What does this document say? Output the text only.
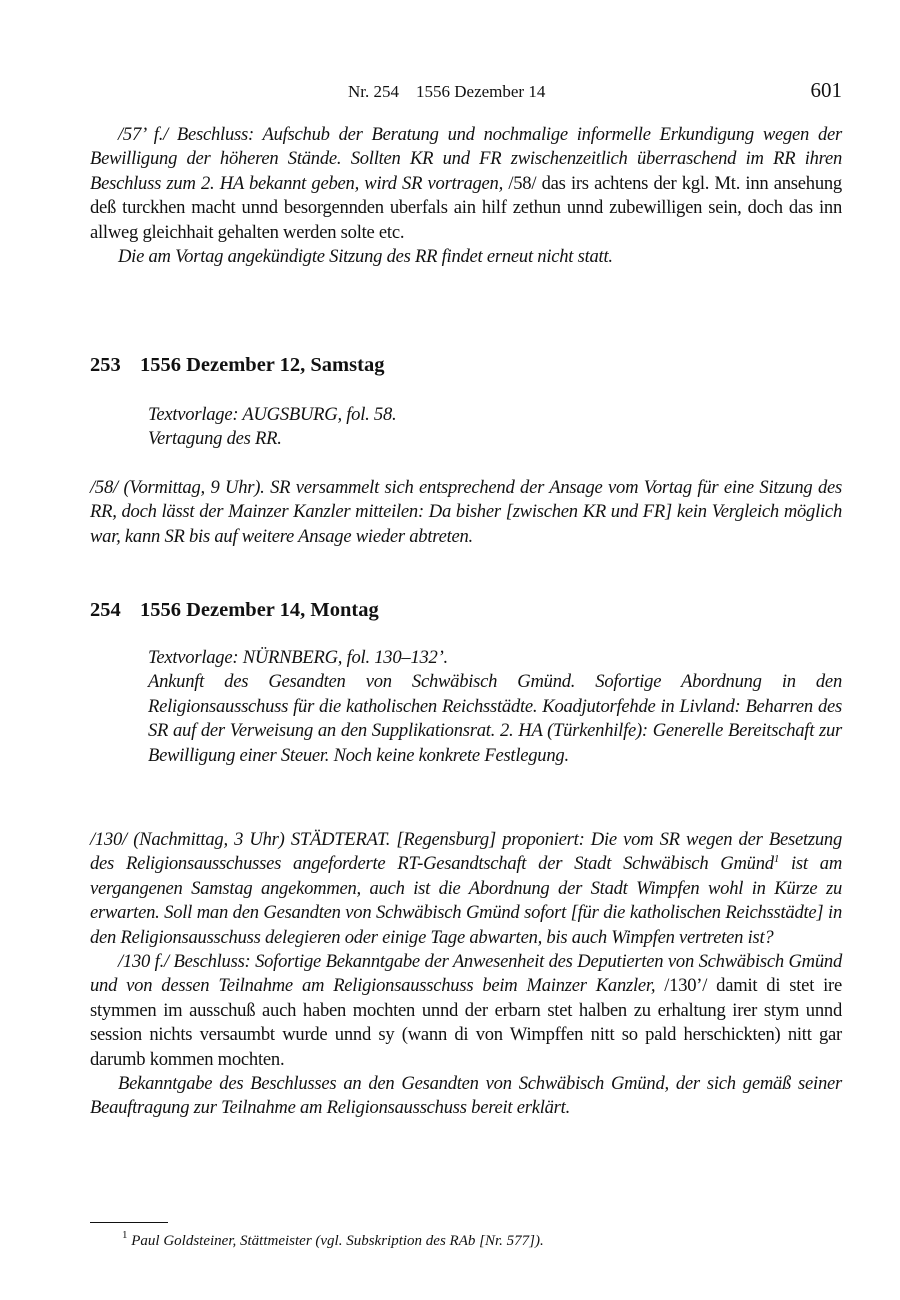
Nr. 254    1556 Dezember 14	601

/57’ f./ Beschluss: Aufschub der Beratung und nochmalige informelle Erkundigung wegen der Bewilligung der höheren Stände. Sollten KR und FR zwischenzeitlich überraschend im RR ihren Beschluss zum 2. HA bekannt geben, wird SR vortragen, /58/ das irs achtens der kgl. Mt. inn ansehung deß turckhen macht unnd besorgennden uberfals ain hilf zethun unnd zubewilligen sein, doch das inn allweg gleichhait gehalten werden solte etc.

Die am Vortag angekündigte Sitzung des RR findet erneut nicht statt.

253 1556 Dezember 12, Samstag

Textvorlage: AUGSBURG, fol. 58.

Vertagung des RR.

/58/ (Vormittag, 9 Uhr). SR versammelt sich entsprechend der Ansage vom Vortag für eine Sitzung des RR, doch lässt der Mainzer Kanzler mitteilen: Da bisher [zwischen KR und FR] kein Vergleich möglich war, kann SR bis auf weitere Ansage wieder abtreten.

254 1556 Dezember 14, Montag

Textvorlage: NÜRNBERG, fol. 130–132’.

Ankunft des Gesandten von Schwäbisch Gmünd. Sofortige Abordnung in den Religionsausschuss für die katholischen Reichsstädte. Koadjutorfehde in Livland: Beharren des SR auf der Verweisung an den Supplikationsrat. 2. HA (Türkenhilfe): Generelle Bereitschaft zur Bewilligung einer Steuer. Noch keine konkrete Festlegung.

/130/ (Nachmittag, 3 Uhr) STÄDTERAT. [Regensburg] proponiert: Die vom SR wegen der Besetzung des Religionsausschusses angeforderte RT-Gesandtschaft der Stadt Schwäbisch Gmünd$^1$ ist am vergangenen Samstag angekommen, auch ist die Abordnung der Stadt Wimpfen wohl in Kürze zu erwarten. Soll man den Gesandten von Schwäbisch Gmünd sofort [für die katholischen Reichsstädte] in den Religionsausschuss delegieren oder einige Tage abwarten, bis auch Wimpfen vertreten ist?

/130 f./ Beschluss: Sofortige Bekanntgabe der Anwesenheit des Deputierten von Schwäbisch Gmünd und von dessen Teilnahme am Religionsausschuss beim Mainzer Kanzler, /130’/ damit di stet ire stymmen im ausschuß auch haben mochten unnd der erbarn stet halben zu erhaltung irer stym unnd session nichts versaumbt wurde unnd sy (wann di von Wimpffen nitt so pald herschickten) nitt gar darumb kommen mochten.

Bekanntgabe des Beschlusses an den Gesandten von Schwäbisch Gmünd, der sich gemäß seiner Beauftragung zur Teilnahme am Religionsausschuss bereit erklärt.

$^1$ Paul Goldsteiner, Stättmeister (vgl. Subskription des RAb [Nr. 577]).
